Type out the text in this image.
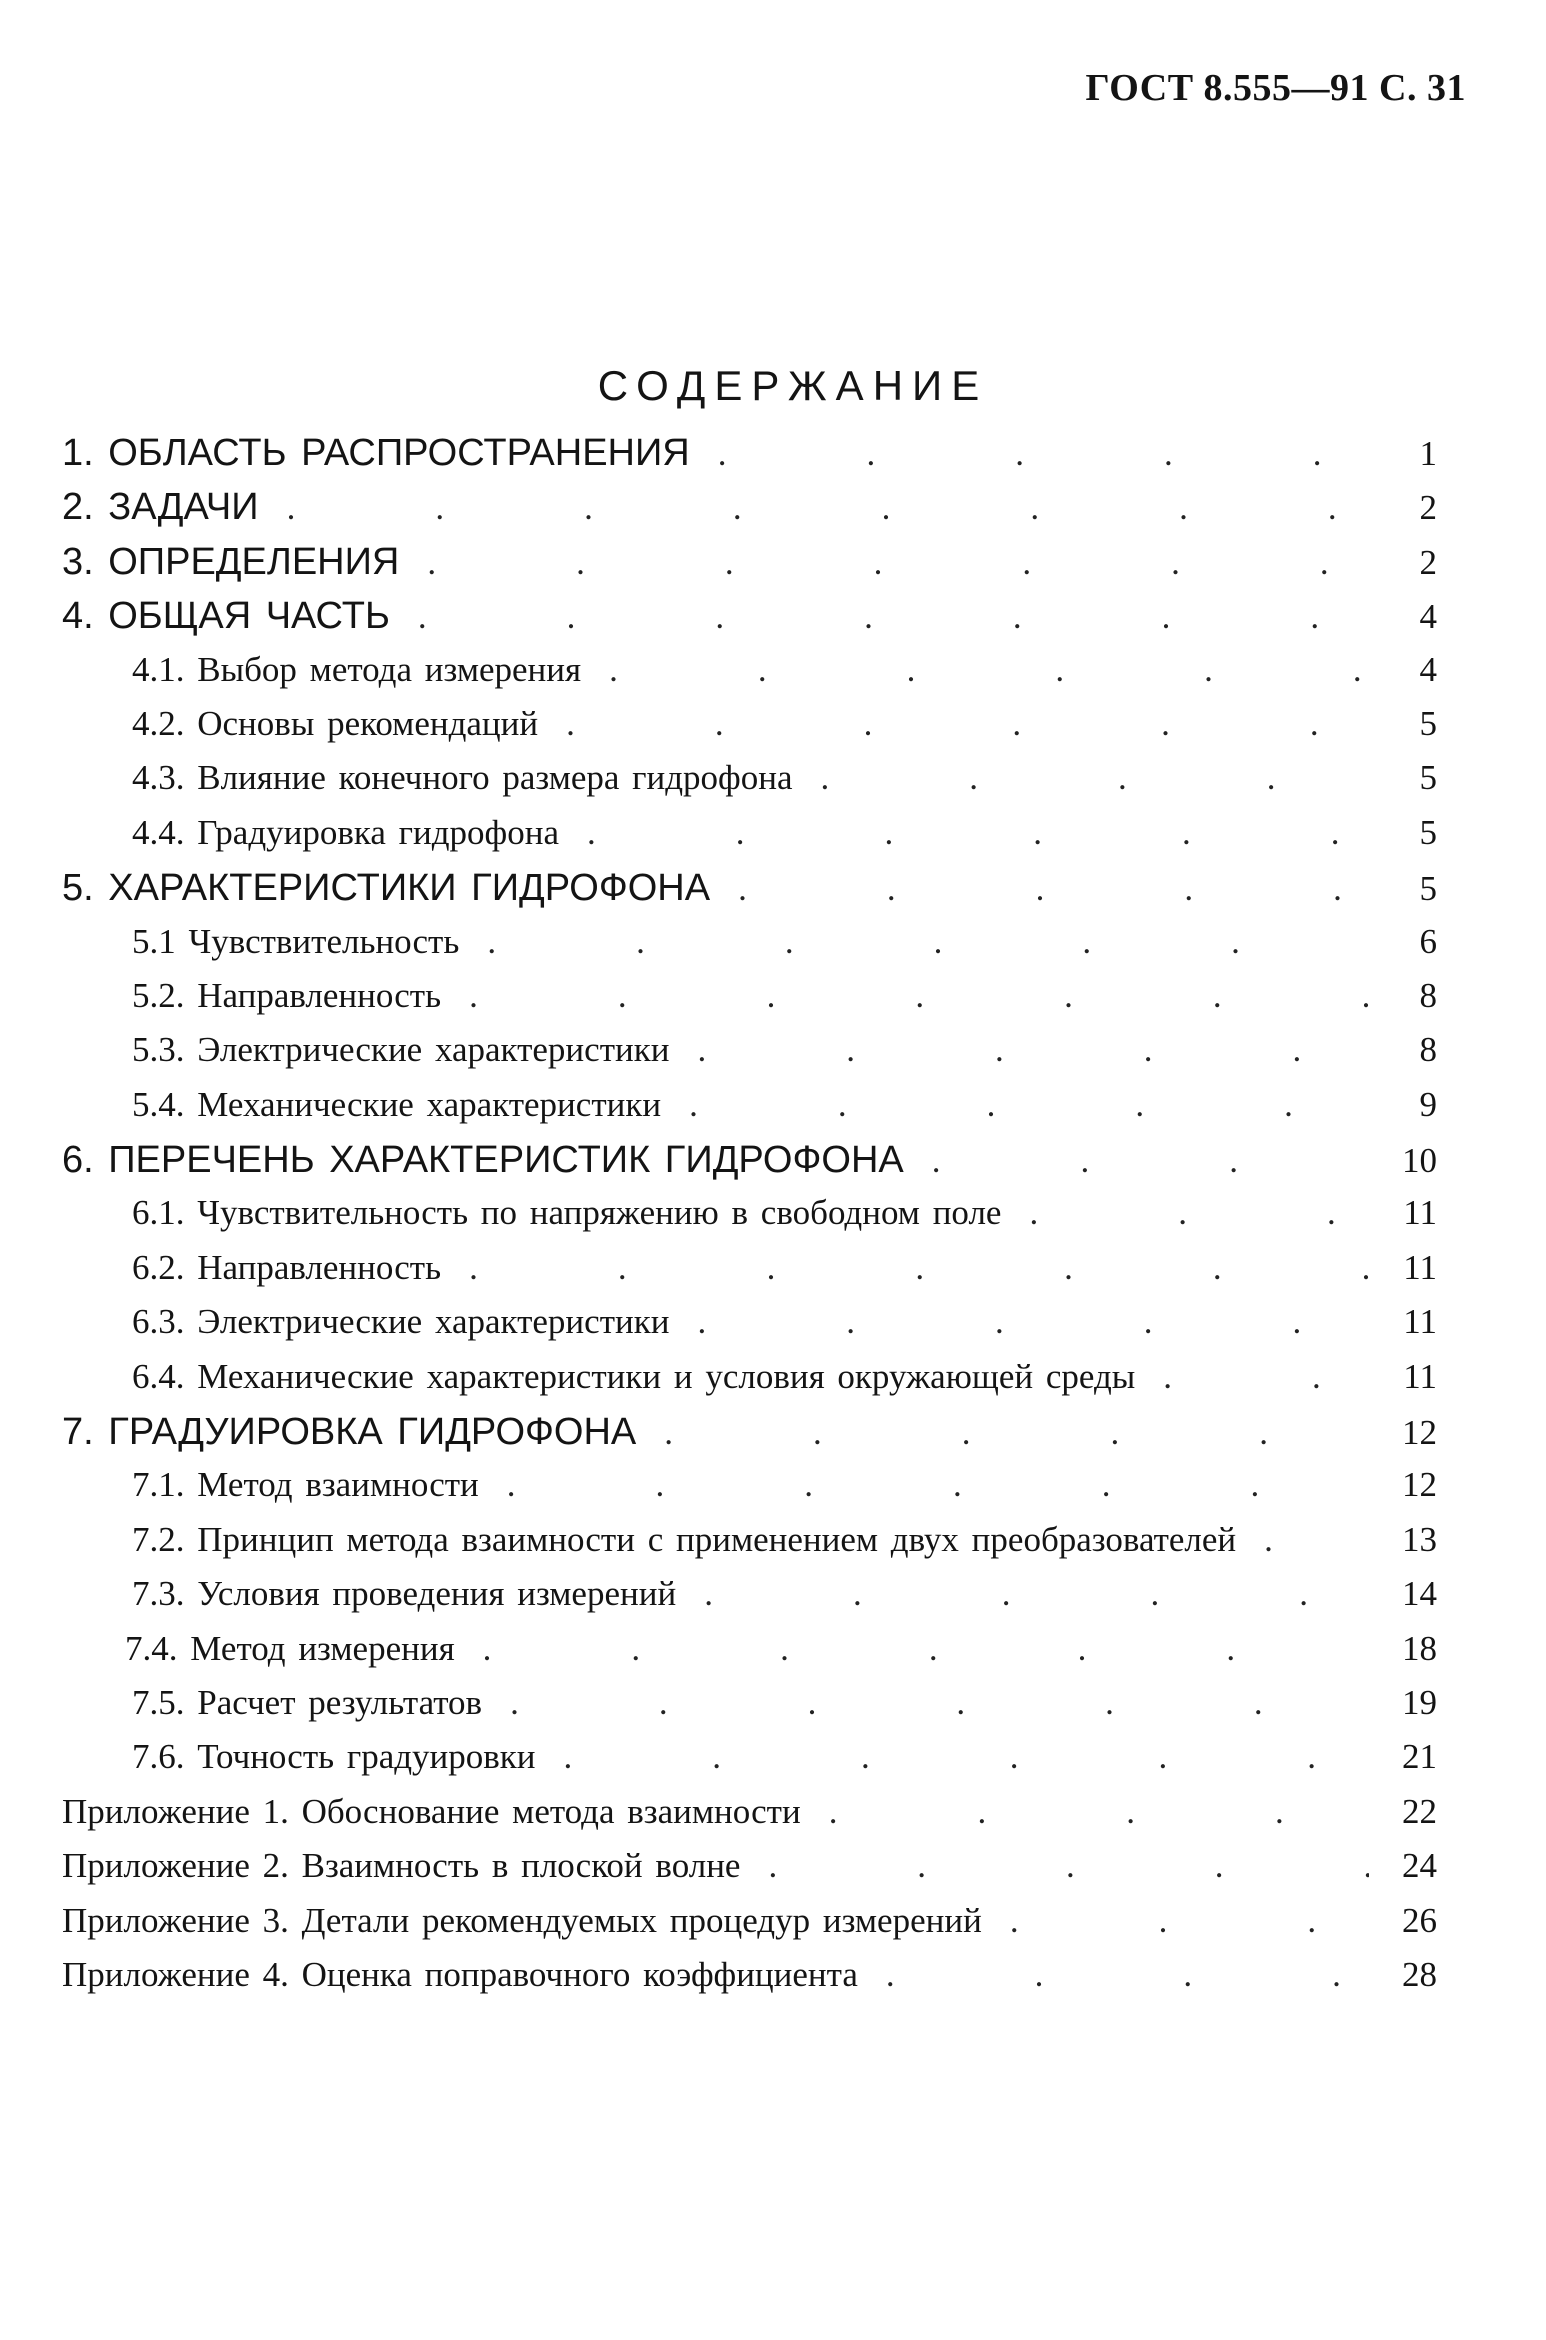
ГОСТ 8.555—91 С. 31
СОДЕРЖАНИЕ
1. ОБЛАСТЬ РАСПРОСТРАНЕНИЯ .	1
2. ЗАДАЧИ .	2
3. ОПРЕДЕЛЕНИЯ .	2
4. ОБЩАЯ ЧАСТЬ .	4
4.1. Выбор метода измерения .	4
4.2. Основы рекомендаций .	5
4.3. Влияние конечного размера гидрофона .	5
4.4. Градуировка гидрофона .	5
5. ХАРАКТЕРИСТИКИ ГИДРОФОНА .	5
5.1 Чувствительность .	6
5.2. Направленность .	8
5.3. Электрические характеристики .	8
5.4. Механические характеристики .	9
6. ПЕРЕЧЕНЬ ХАРАКТЕРИСТИК ГИДРОФОНА .	10
6.1. Чувствительность по напряжению в свободном поле .	11
6.2. Направленность .	11
6.3. Электрические характеристики .	11
6.4. Механические характеристики и условия окружающей среды .	11
7. ГРАДУИРОВКА ГИДРОФОНА .	12
7.1. Метод взаимности .	12
7.2. Принцип метода взаимности с применением двух преобразователей .	13
7.3. Условия проведения измерений .	14
7.4. Метод измерения .	18
7.5. Расчет результатов .	19
7.6. Точность градуировки .	21
Приложение 1. Обоснование метода взаимности .	22
Приложение 2. Взаимность в плоской волне .	24
Приложение 3. Детали рекомендуемых процедур измерений .	26
Приложение 4. Оценка поправочного коэффициента .	28
